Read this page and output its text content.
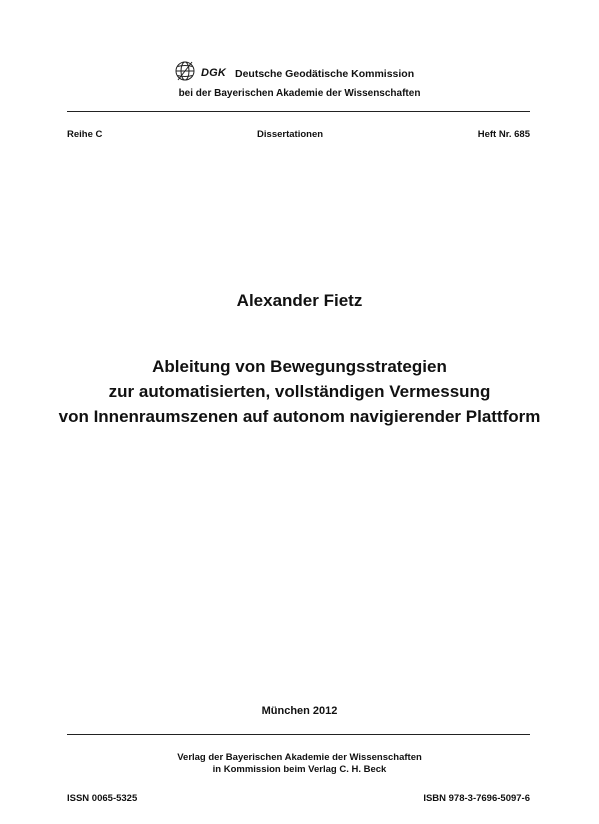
DGK Deutsche Geodätische Kommission
bei der Bayerischen Akademie der Wissenschaften
Reihe C	Dissertationen	Heft Nr. 685
Alexander Fietz
Ableitung von Bewegungsstrategien
zur automatisierten, vollständigen Vermessung
von Innenraumszenen auf autonom navigierender Plattform
München 2012
Verlag der Bayerischen Akademie der Wissenschaften
in Kommission beim Verlag C. H. Beck
ISSN 0065-5325	ISBN 978-3-7696-5097-6
